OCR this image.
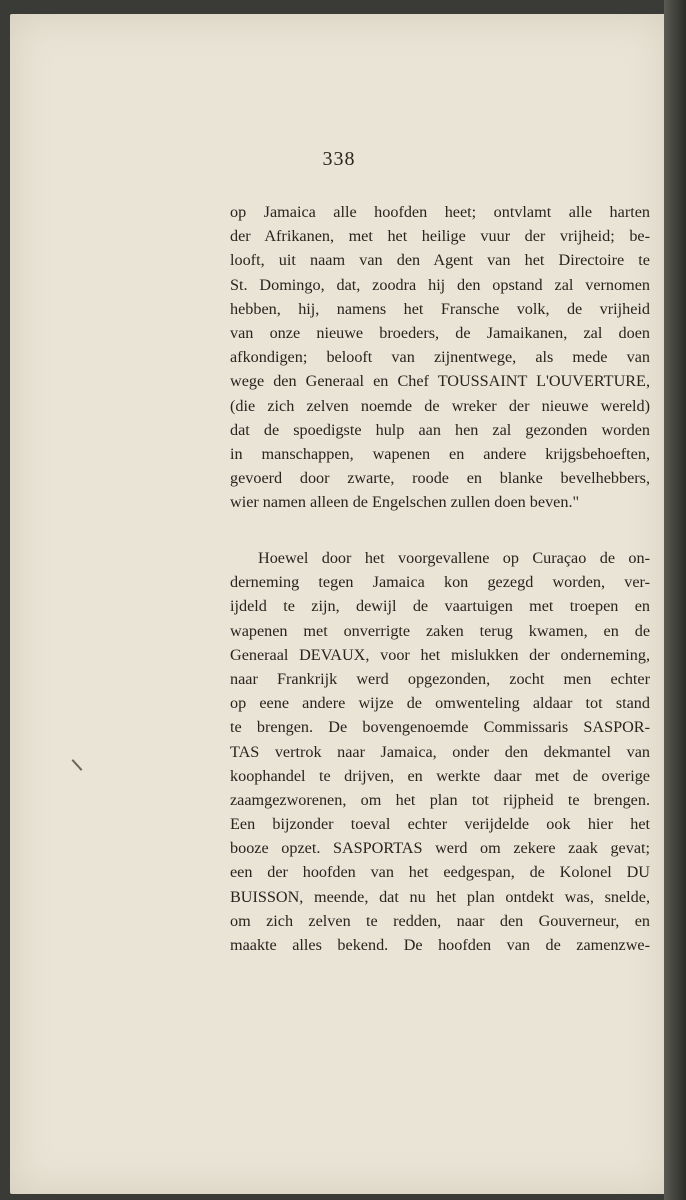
338
op Jamaica alle hoofden heet; ontvlamt alle harten
der Afrikanen, met het heilige vuur der vrijheid; be-
looft, uit naam van den Agent van het Directoire te
St. Domingo, dat, zoodra hij den opstand zal vernomen
hebben, hij, namens het Fransche volk, de vrijheid
van onze nieuwe broeders, de Jamaikanen, zal doen
afkondigen; belooft van zijnentwege, als mede van
wege den Generaal en Chef TOUSSAINT L'OUVERTURE,
(die zich zelven noemde de wreker der nieuwe wereld)
dat de spoedigste hulp aan hen zal gezonden worden
in manschappen, wapenen en andere krijgsbehoeften,
gevoerd door zwarte, roode en blanke bevelhebbers,
wier namen alleen de Engelschen zullen doen beven."
Hoewel door het voorgevallene op Curaçao de on-
derneming tegen Jamaica kon gezegd worden, ver-
ijdeld te zijn, dewijl de vaartuigen met troepen en
wapenen met onverrigte zaken terug kwamen, en de
Generaal DEVAUX, voor het mislukken der onderneming,
naar Frankrijk werd opgezonden, zocht men echter
op eene andere wijze de omwenteling aldaar tot stand
te brengen. De bovengenoemde Commissaris SASPOR-
TAS vertrok naar Jamaica, onder den dekmantel van
koophandel te drijven, en werkte daar met de overige
zaamgezworenen, om het plan tot rijpheid te brengen.
Een bijzonder toeval echter verijdelde ook hier het
booze opzet. SASPORTAS werd om zekere zaak gevat;
een der hoofden van het eedgespan, de Kolonel DU
BUISSON, meende, dat nu het plan ontdekt was, snelde,
om zich zelven te redden, naar den Gouverneur, en
maakte alles bekend. De hoofden van de zamenzwe-
